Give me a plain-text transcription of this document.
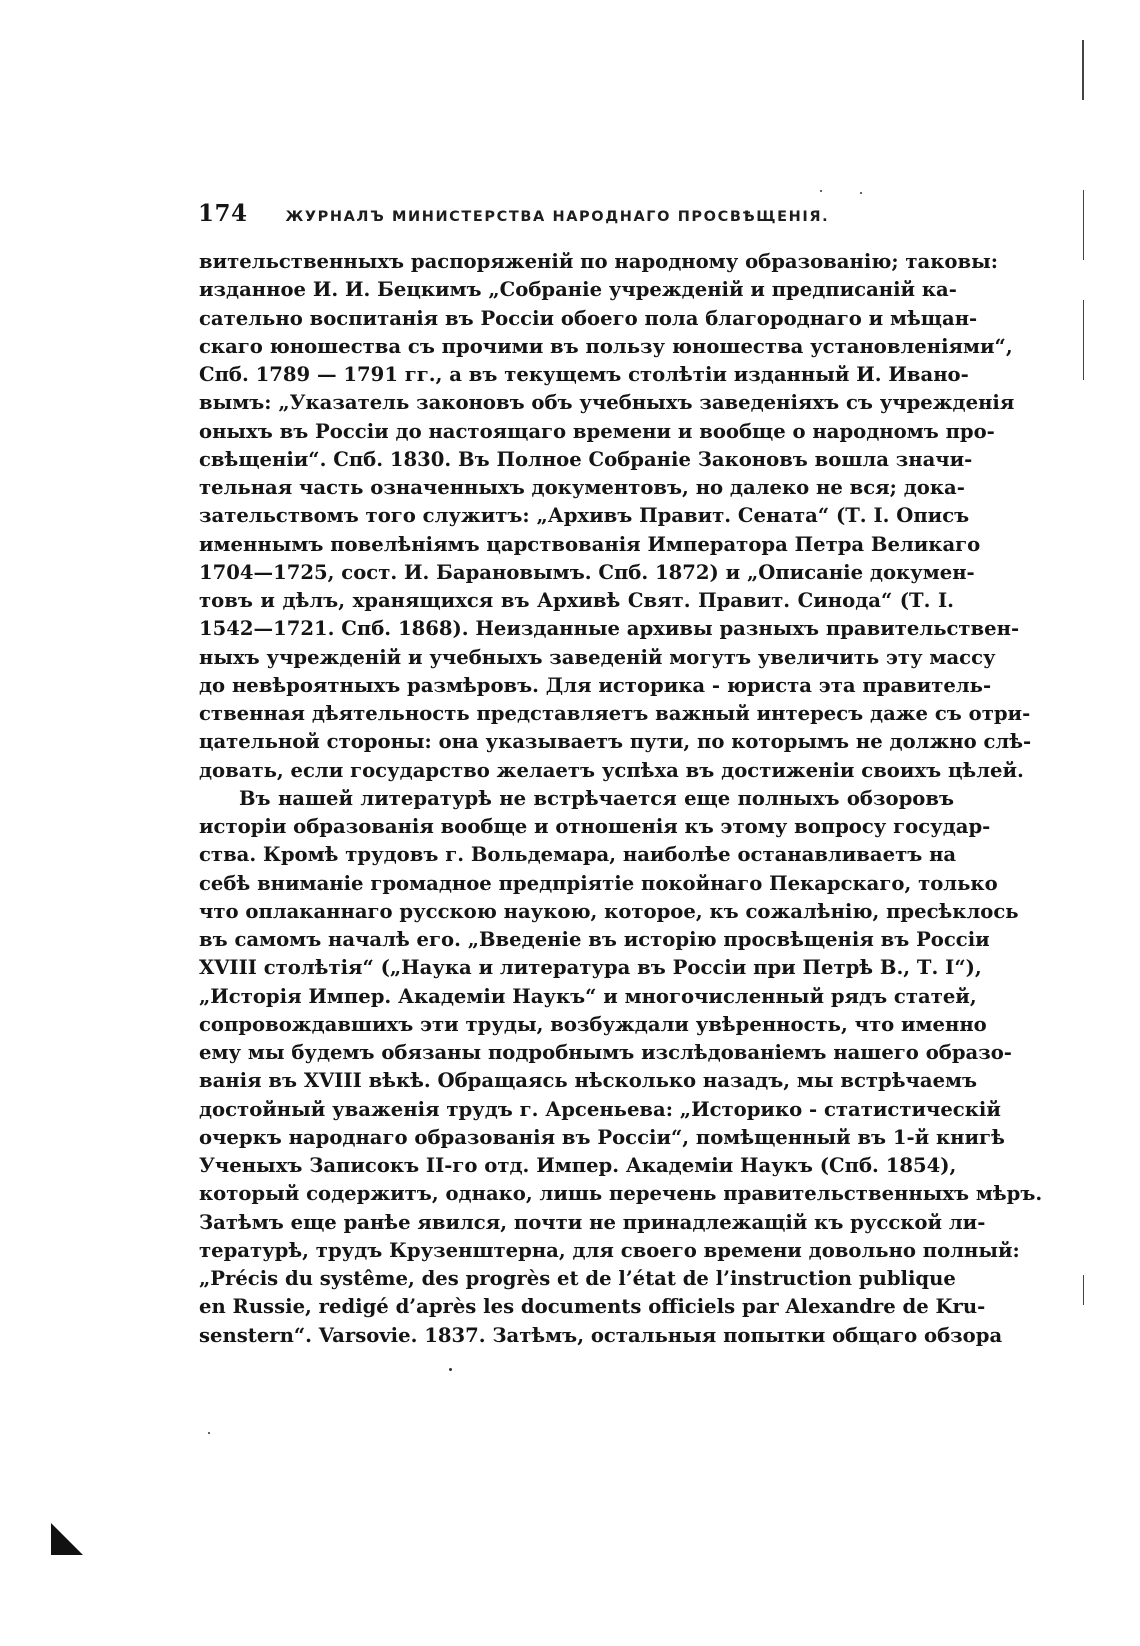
174	ЖУРНАЛЪ МИНИСТЕРСТВА НАРОДНАГО ПРОСВѢЩЕНІЯ.
вительственныхъ распоряженій по народному образованію; таковы:
изданное И. И. Бецкимъ „Собраніе учрежденій и предписаній ка-
сательно воспитанія въ Россіи обоего пола благороднаго и мѣщан-
скаго юношества съ прочими въ пользу юношества установленіями“,
Спб. 1789 — 1791 гг., а въ текущемъ столѣтіи изданный И. Ивано-
вымъ: „Указатель законовъ объ учебныхъ заведеніяхъ съ учрежденія
оныхъ въ Россіи до настоящаго времени и вообще о народномъ про-
свѣщеніи“. Спб. 1830. Въ Полное Собраніе Законовъ вошла значи-
тельная часть означенныхъ документовъ, но далеко не вся; дока-
зательствомъ того служитъ: „Архивъ Правит. Сената“ (Т. I. Описъ
именнымъ повелѣніямъ царствованія Императора Петра Великаго
1704—1725, сост. И. Барановымъ. Спб. 1872) и „Описаніе докумен-
товъ и дѣлъ, хранящихся въ Архивѣ Свят. Правит. Синода“ (Т. I.
1542—1721. Спб. 1868). Неизданные архивы разныхъ правительствен-
ныхъ учрежденій и учебныхъ заведеній могутъ увеличить эту массу
до невѣроятныхъ размѣровъ. Для историка - юриста эта правитель-
ственная дѣятельность представляетъ важный интересъ даже съ отри-
цательной стороны: она указываетъ пути, по которымъ не должно слѣ-
довать, если государство желаетъ успѣха въ достиженіи своихъ цѣлей.
Въ нашей литературѣ не встрѣчается еще полныхъ обзоровъ
исторіи образованія вообще и отношенія къ этому вопросу государ-
ства. Кромѣ трудовъ г. Вольдемара, наиболѣе останавливаетъ на
себѣ вниманіе громадное предпріятіе покойнаго Пекарскаго, только
что оплаканнаго русскою наукою, которое, къ сожалѣнію, пресѣклось
въ самомъ началѣ его. „Введеніе въ исторію просвѣщенія въ Россіи
XVIII столѣтія“ („Наука и литература въ Россіи при Петрѣ В., Т. I“),
„Исторія Импер. Академіи Наукъ“ и многочисленный рядъ статей,
сопровождавшихъ эти труды, возбуждали увѣренность, что именно
ему мы будемъ обязаны подробнымъ изслѣдованіемъ нашего образо-
ванія въ XVIII вѣкѣ. Обращаясь нѣсколько назадъ, мы встрѣчаемъ
достойный уваженія трудъ г. Арсеньева: „Историко - статистическій
очеркъ народнаго образованія въ Россіи“, помѣщенный въ 1-й книгѣ
Ученыхъ Записокъ II-го отд. Импер. Академіи Наукъ (Спб. 1854),
который содержитъ, однако, лишь перечень правительственныхъ мѣръ.
Затѣмъ еще ранѣе явился, почти не принадлежащій къ русской ли-
тературѣ, трудъ Крузенштерна, для своего времени довольно полный:
„Précis du systême, des progrès et de l’état de l’instruction publique
en Russie, redigé d’après les documents officiels par Alexandre de Kru-
senstern“. Varsovie. 1837. Затѣмъ, остальныя попытки общаго обзора
